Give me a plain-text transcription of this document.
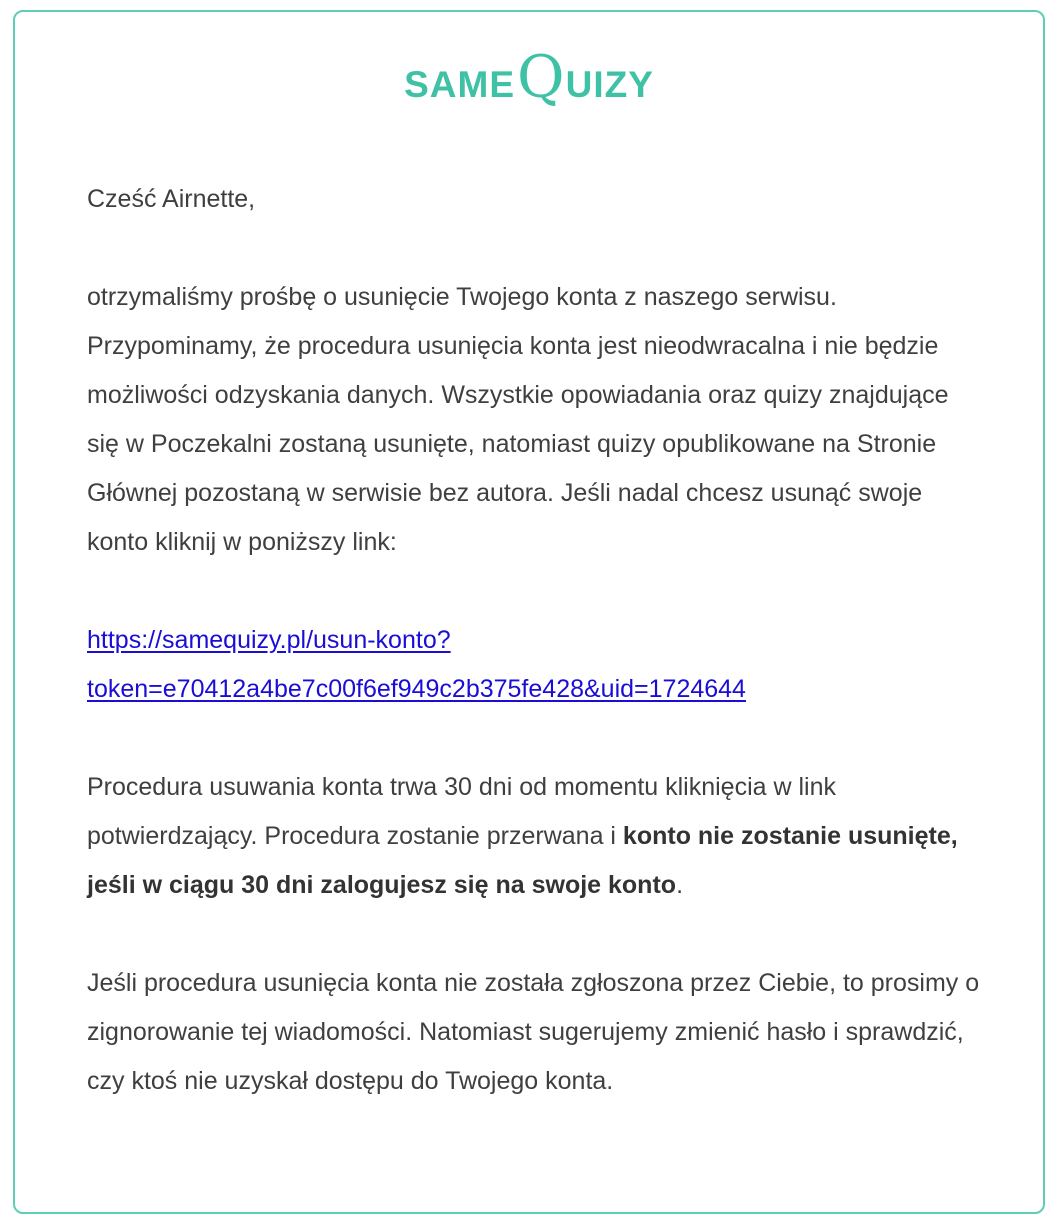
SAMEQUIZY

Cześć Airnette,

otrzymaliśmy prośbę o usunięcie Twojego konta z naszego serwisu. Przypominamy, że procedura usunięcia konta jest nieodwracalna i nie będzie możliwości odzyskania danych. Wszystkie opowiadania oraz quizy znajdujące się w Poczekalni zostaną usunięte, natomiast quizy opublikowane na Stronie Głównej pozostaną w serwisie bez autora. Jeśli nadal chcesz usunąć swoje konto kliknij w poniższy link:

https://samequizy.pl/usun-konto?
token=e70412a4be7c00f6ef949c2b375fe428&uid=1724644

Procedura usuwania konta trwa 30 dni od momentu kliknięcia w link potwierdzający. Procedura zostanie przerwana i konto nie zostanie usunięte, jeśli w ciągu 30 dni zalogujesz się na swoje konto.

Jeśli procedura usunięcia konta nie została zgłoszona przez Ciebie, to prosimy o zignorowanie tej wiadomości. Natomiast sugerujemy zmienić hasło i sprawdzić, czy ktoś nie uzyskał dostępu do Twojego konta.
